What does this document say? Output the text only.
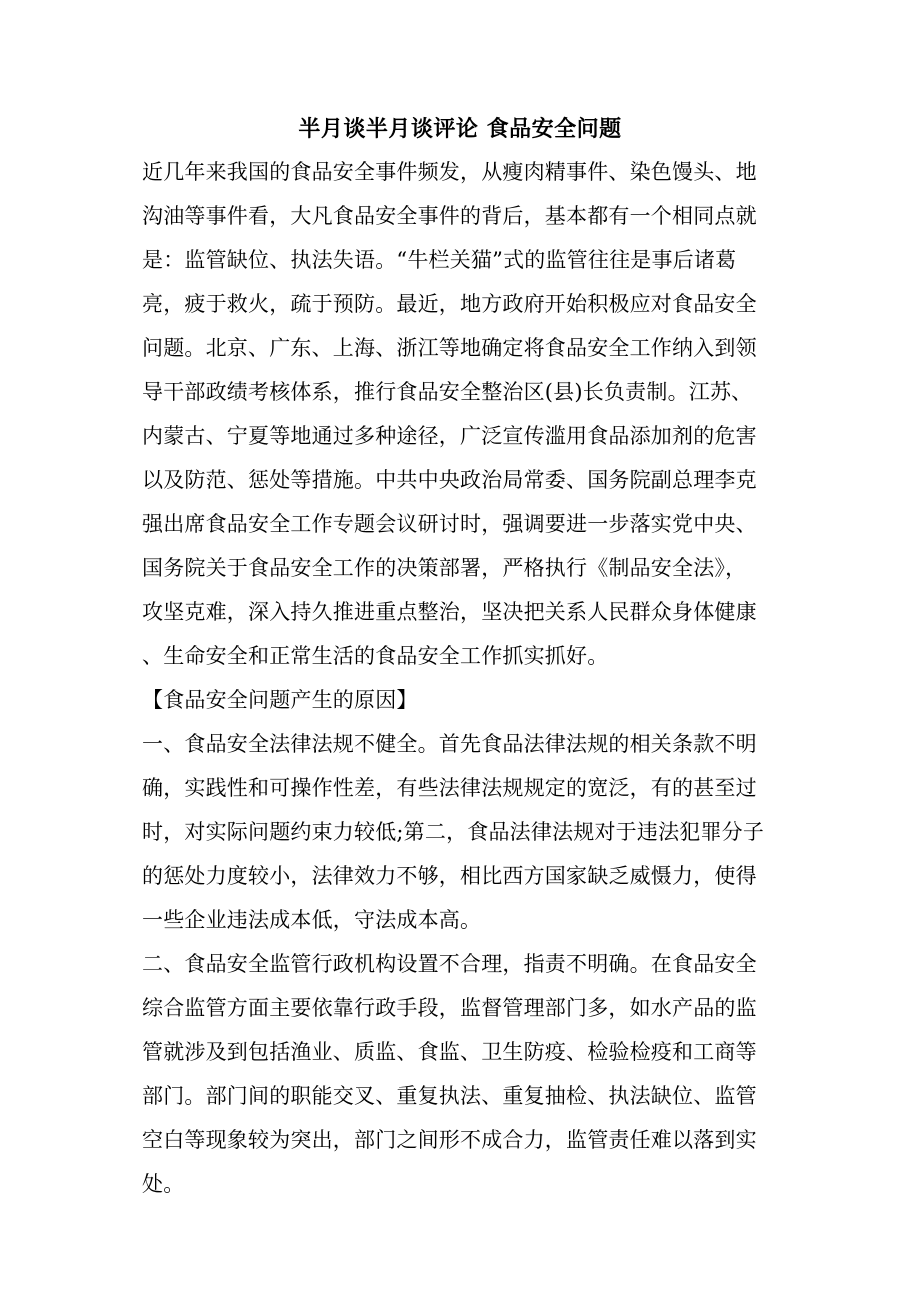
半月谈半月谈评论 食品安全问题
近几年来我国的食品安全事件频发，从瘦肉精事件、染色馒头、地
沟油等事件看，大凡食品安全事件的背后，基本都有一个相同点就
是：监管缺位、执法失语。“牛栏关猫”式的监管往往是事后诸葛
亮，疲于救火，疏于预防。最近，地方政府开始积极应对食品安全
问题。北京、广东、上海、浙江等地确定将食品安全工作纳入到领
导干部政绩考核体系，推行食品安全整治区(县)长负责制。江苏、
内蒙古、宁夏等地通过多种途径，广泛宣传滥用食品添加剂的危害
以及防范、惩处等措施。中共中央政治局常委、国务院副总理李克
强出席食品安全工作专题会议研讨时，强调要进一步落实党中央、
国务院关于食品安全工作的决策部署，严格执行《制品安全法》，
攻坚克难，深入持久推进重点整治，坚决把关系人民群众身体健康
、生命安全和正常生活的食品安全工作抓实抓好。
【食品安全问题产生的原因】
一、食品安全法律法规不健全。首先食品法律法规的相关条款不明
确，实践性和可操作性差，有些法律法规规定的宽泛，有的甚至过
时，对实际问题约束力较低;第二，食品法律法规对于违法犯罪分子
的惩处力度较小，法律效力不够，相比西方国家缺乏威慑力，使得
一些企业违法成本低，守法成本高。
二、食品安全监管行政机构设置不合理，指责不明确。在食品安全
综合监管方面主要依靠行政手段，监督管理部门多，如水产品的监
管就涉及到包括渔业、质监、食监、卫生防疫、检验检疫和工商等
部门。部门间的职能交叉、重复执法、重复抽检、执法缺位、监管
空白等现象较为突出，部门之间形不成合力，监管责任难以落到实
处。
